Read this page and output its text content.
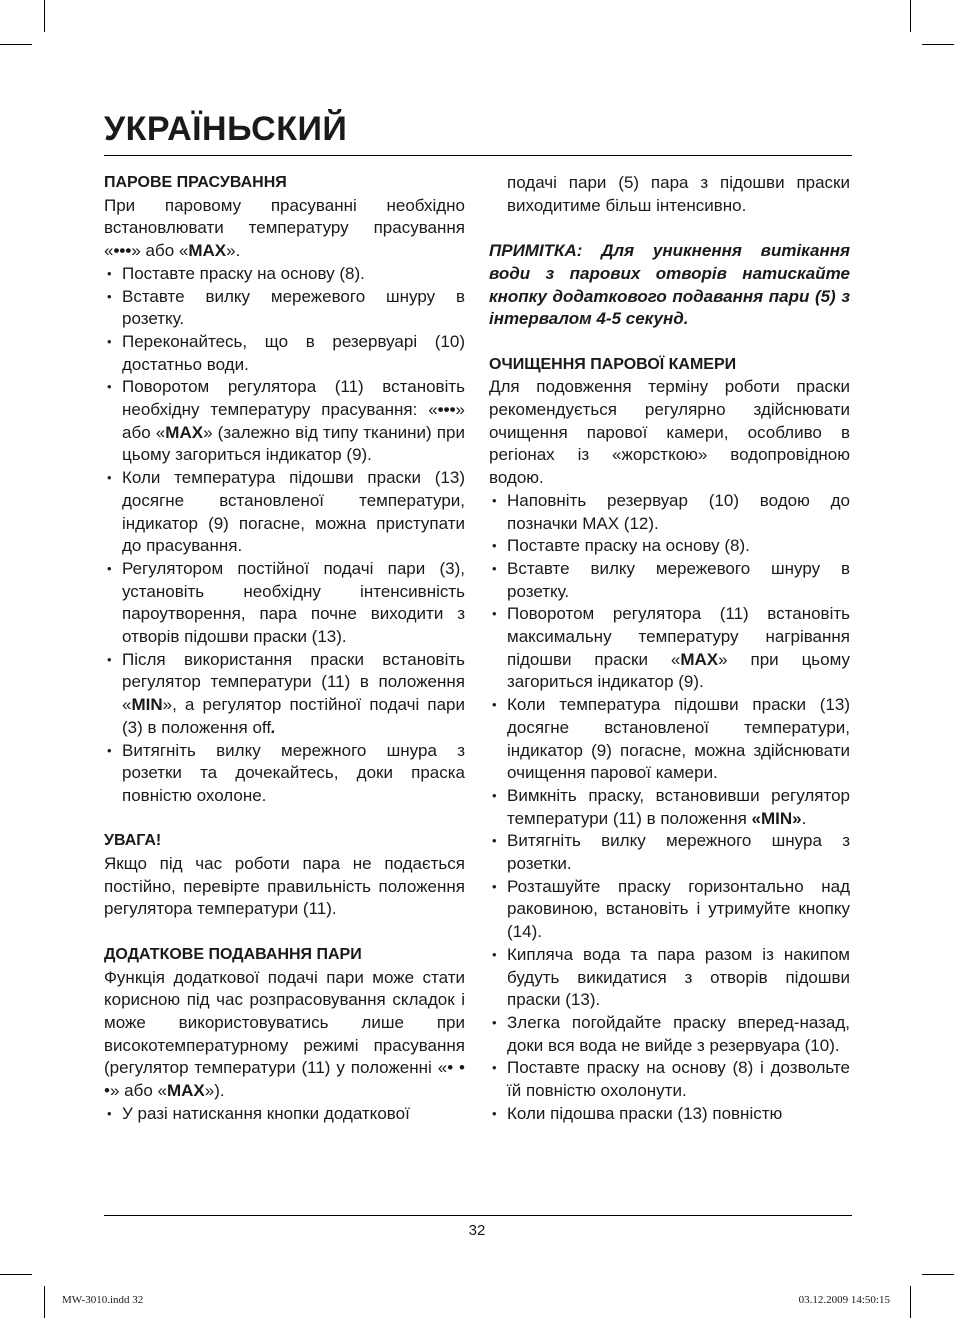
УКРАЇНЬСКИЙ
ПАРОВЕ ПРАСУВАННЯ

При паровому прасуванні необхідно встановлювати температуру прасування «•••» або «MAX».

• Поставте праску на основу (8).
• Вставте вилку мережевого шнуру в розетку.
• Переконайтесь, що в резервуарі (10) достатньо води.
• Поворотом регулятора (11) встановіть необхідну температуру прасування: «•••» або «MAX» (залежно від типу тканини) при цьому загориться індикатор (9).
• Коли температура підошви праски (13) досягне встановленої температури, індикатор (9) погасне, можна приступати до прасування.
• Регулятором постійної подачі пари (3), установіть необхідну інтенсивність пароутворення, пара почне виходити з отворів підошви праски (13).
• Після використання праски встановіть регулятор температури (11) в положення «MIN», а регулятор постійної подачі пари (3) в положення off.
• Витягніть вилку мережного шнура з розетки та дочекайтесь, доки праска повністю охолоне.
УВАГА!

Якщо під час роботи пара не подається постійно, перевірте правильність положення регулятора температури (11).

ДОДАТКОВЕ ПОДАВАННЯ ПАРИ

Функція додаткової подачі пари може стати корисною під час розпрасовування складок і може використовуватись лише при високотемпературному режимі прасування (регулятор температури (11) у положенні «• • •» або «MAX»).

• У разі натискання кнопки додаткової

подачі пари (5) пара з підошви праски виходитиме більш інтенсивно.

ПРИМІТКА: Для уникнення витікання води з парових отворів натискайте кнопку додаткового подавання пари (5) з інтервалом 4-5 секунд.

ОЧИЩЕННЯ ПАРОВОЇ КАМЕРИ

Для подовження терміну роботи праски рекомендується регулярно здійснювати очищення парової камери, особливо в регіонах із «жорсткою» водопровідною водою.

• Наповніть резервуар (10) водою до позначки MAX (12).
• Поставте праску на основу (8).
• Вставте вилку мережевого шнуру в розетку.
• Поворотом регулятора (11) встановіть максимальну температуру нагрівання підошви праски «MAX» при цьому загориться індикатор (9).
• Коли температура підошви праски (13) досягне встановленої температури, індикатор (9) погасне, можна здійснювати очищення парової камери.
• Вимкніть праску, встановивши регулятор температури (11) в положення «MIN».
• Витягніть вилку мережного шнура з розетки.
• Розташуйте праску горизонтально над раковиною, встановіть і утримуйте кнопку (14).
• Кипляча вода та пара разом із накипом будуть викидатися з отворів підошви праски (13).
• Злегка погойдайте праску вперед-назад, доки вся вода не вийде з резервуара (10).
• Поставте праску на основу (8) і дозвольте їй повністю охолонути.
• Коли підошва праски (13) повністю
32
MW-3010.indd 32	03.12.2009 14:50:15
